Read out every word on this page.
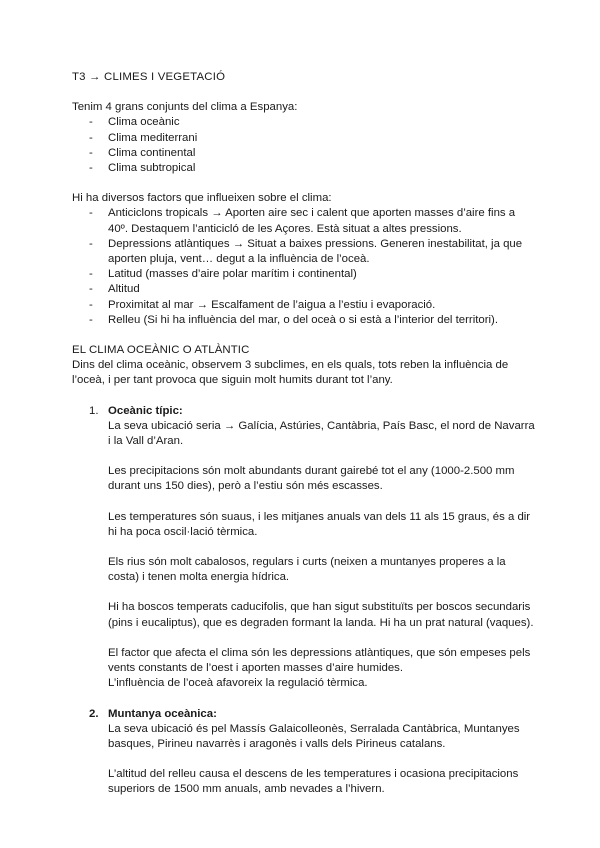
T3 → CLIMES I VEGETACIÓ

Tenim 4 grans conjunts del clima a Espanya:

- Clima oceànic
- Clima mediterrani
- Clima continental
- Clima subtropical

Hi ha diversos factors que influeixen sobre el clima:

- Anticiclons tropicals → Aporten aire sec i calent que aporten masses d’aire fins a
40º. Destaquem l’anticicló de les Açores. Està situat a altes pressions.
- Depressions atlàntiques → Situat a baixes pressions. Generen inestabilitat, ja que
aporten pluja, vent… degut a la influència de l’oceà.
- Latitud (masses d’aire polar marítim i continental)
- Altitud
- Proximitat al mar → Escalfament de l’aigua a l’estiu i evaporació.
- Relleu (Si hi ha influència del mar, o del oceà o si està a l’interior del territori).

EL CLIMA OCEÀNIC O ATLÀNTIC

Dins del clima oceànic, observem 3 subclimes, en els quals, tots reben la influència de
l’oceà, i per tant provoca que siguin molt humits durant tot l’any.

1. Oceànic típic:

La seva ubicació seria → Galícia, Astúries, Cantàbria, País Basc, el nord de Navarra
i la Vall d’Aran.

Les precipitacions són molt abundants durant gairebé tot el any (1000-2.500 mm
durant uns 150 dies), però a l’estiu són més escasses.

Les temperatures són suaus, i les mitjanes anuals van dels 11 als 15 graus, és a dir
hi ha poca oscil·lació tèrmica.

Els rius són molt cabalosos, regulars i curts (neixen a muntanyes properes a la
costa) i tenen molta energia hídrica.

Hi ha boscos temperats caducifolis, que han sigut substituïts per boscos secundaris
(pins i eucaliptus), que es degraden formant la landa. Hi ha un prat natural (vaques).

El factor que afecta el clima són les depressions atlàntiques, que són empeses pels
vents constants de l’oest i aporten masses d’aire humides.
L’influència de l’oceà afavoreix la regulació tèrmica.

2. Muntanya oceànica:

La seva ubicació és pel Massís Galaicolleonès, Serralada Cantàbrica, Muntanyes
basques, Pirineu navarrès i aragonès i valls dels Pirineus catalans.

L’altitud del relleu causa el descens de les temperatures i ocasiona precipitacions
superiors de 1500 mm anuals, amb nevades a l’hivern.
